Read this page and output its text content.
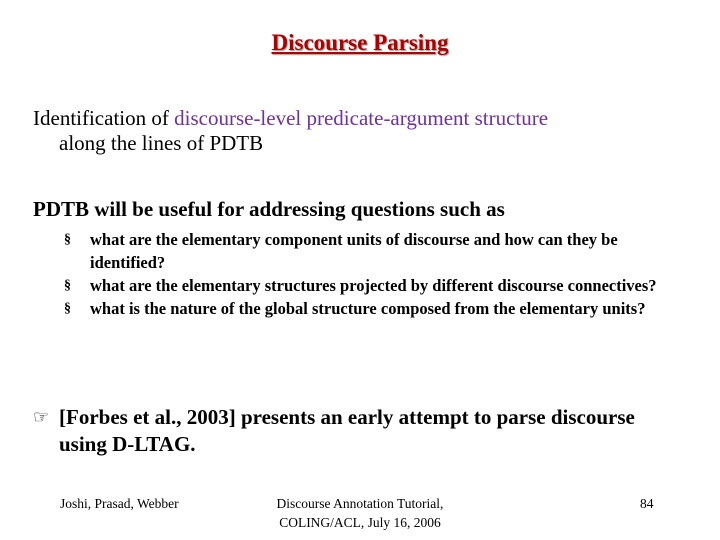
Discourse Parsing
Identification of discourse-level predicate-argument structure
along the lines of PDTB
PDTB will be useful for addressing questions such as
§ what are the elementary component units of discourse and how can they be identified?
§ what are the elementary structures projected by different discourse connectives?
§ what is the nature of the global structure composed from the elementary units?
☞ [Forbes et al., 2003] presents an early attempt to parse discourse using D-LTAG.
Joshi, Prasad, Webber	Discourse Annotation Tutorial,
COLING/ACL, July 16, 2006
84
